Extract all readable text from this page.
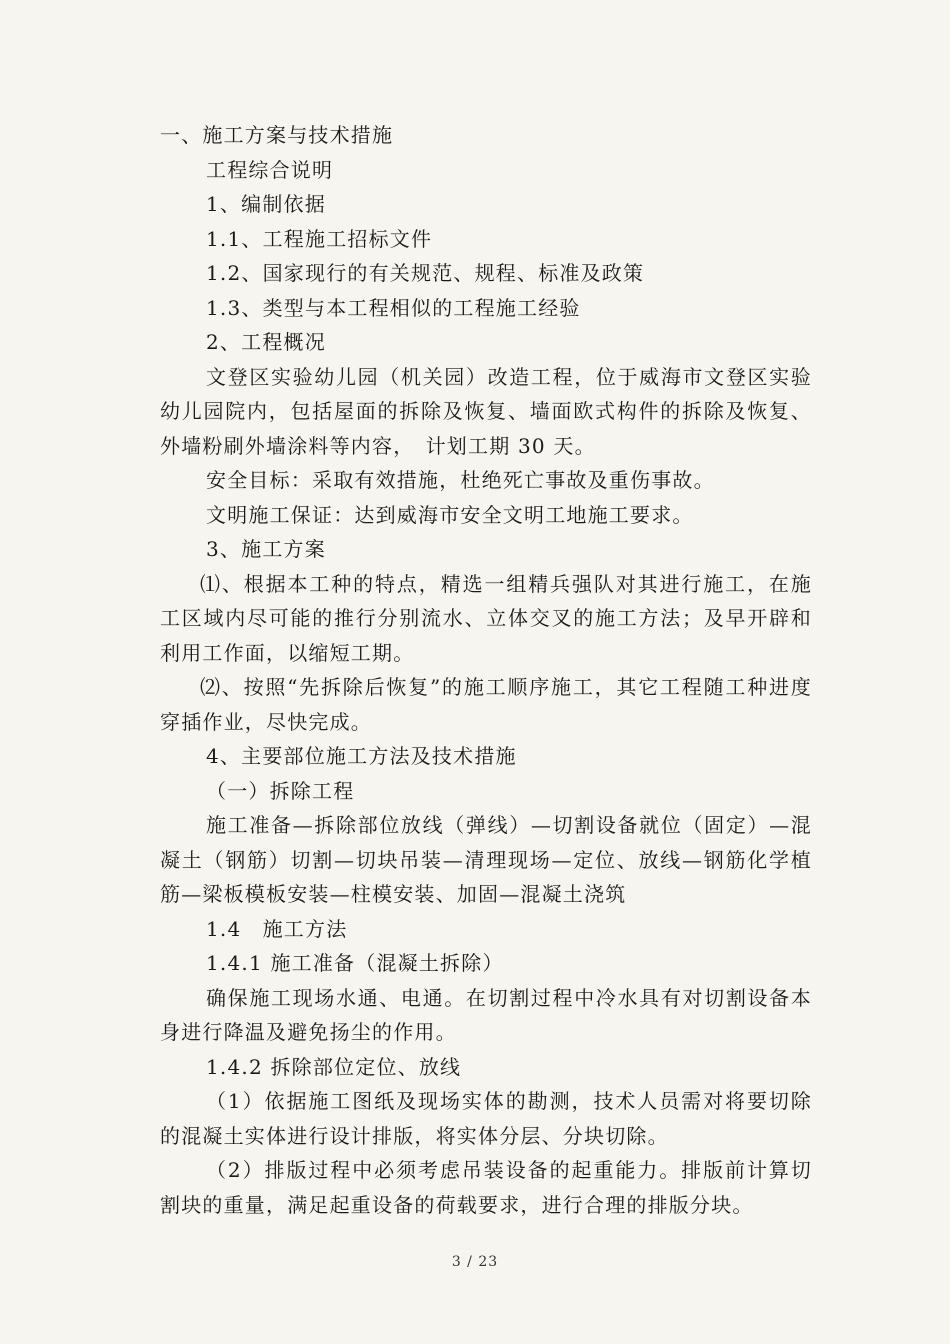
一、施工方案与技术措施

工程综合说明

1、编制依据

1.1、工程施工招标文件

1.2、国家现行的有关规范、规程、标准及政策

1.3、类型与本工程相似的工程施工经验

2、工程概况

文登区实验幼儿园（机关园）改造工程，位于威海市文登区实验幼儿园院内，包括屋面的拆除及恢复、墙面欧式构件的拆除及恢复、外墙粉刷外墙涂料等内容，　计划工期 30 天。

安全目标：采取有效措施，杜绝死亡事故及重伤事故。

文明施工保证：达到威海市安全文明工地施工要求。

3、施工方案

⑴、根据本工种的特点，精选一组精兵强队对其进行施工，在施工区域内尽可能的推行分别流水、立体交叉的施工方法；及早开辟和利用工作面，以缩短工期。

⑵、按照“先拆除后恢复”的施工顺序施工，其它工程随工种进度穿插作业，尽快完成。

4、主要部位施工方法及技术措施

（一）拆除工程

施工准备—拆除部位放线（弹线）—切割设备就位（固定）—混凝土（钢筋）切割—切块吊装—清理现场—定位、放线—钢筋化学植筋—梁板模板安装—柱模安装、加固—混凝土浇筑

1.4　施工方法

1.4.1 施工准备（混凝土拆除）

确保施工现场水通、电通。在切割过程中冷水具有对切割设备本身进行降温及避免扬尘的作用。

1.4.2 拆除部位定位、放线

（1）依据施工图纸及现场实体的勘测，技术人员需对将要切除的混凝土实体进行设计排版，将实体分层、分块切除。

（2）排版过程中必须考虑吊装设备的起重能力。排版前计算切割块的重量，满足起重设备的荷载要求，进行合理的排版分块。

3 / 23
